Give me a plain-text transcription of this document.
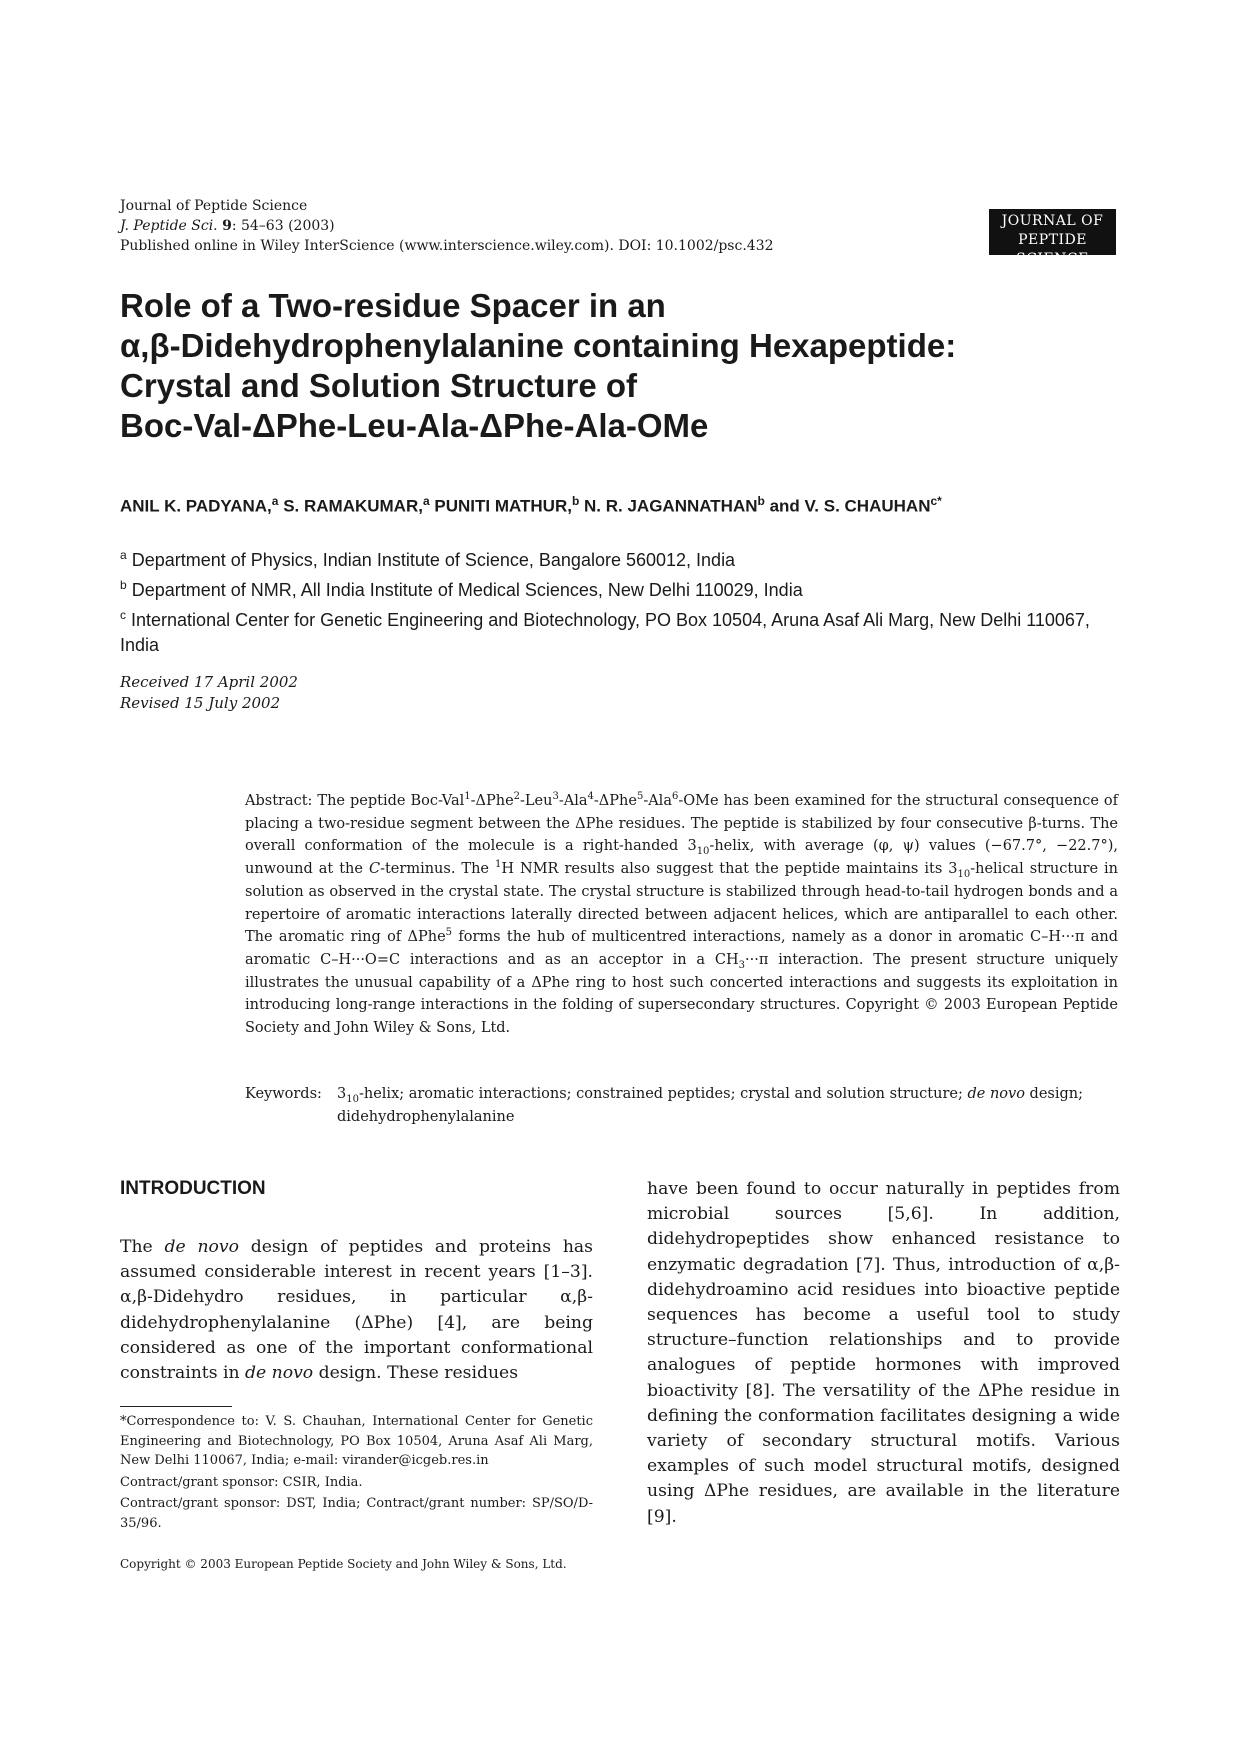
Journal of Peptide Science
J. Peptide Sci. 9: 54–63 (2003)
Published online in Wiley InterScience (www.interscience.wiley.com). DOI: 10.1002/psc.432
JOURNAL OF
PEPTIDE SCIENCE
Role of a Two-residue Spacer in an
α,β-Didehydrophenylalanine containing Hexapeptide:
Crystal and Solution Structure of
Boc-Val-ΔPhe-Leu-Ala-ΔPhe-Ala-OMe
ANIL K. PADYANA,$^a$ S. RAMAKUMAR,$^a$ PUNITI MATHUR,$^b$ N. R. JAGANNATHAN$^b$ and V. S. $CHAUHAN^{c*}$
$^a$ Department of Physics, Indian Institute of Science, Bangalore 560012, India
$^b$ Department of NMR, All India Institute of Medical Sciences, New Delhi 110029, India
$^c$ International Center for Genetic Engineering and Biotechnology, PO Box 10504, Aruna Asaf Ali Marg, New Delhi 110067, India
Received 17 April 2002
Revised 15 July 2002

Abstract: The peptide Boc-Val$^1$-ΔPhe$^2$-Leu$^3$-Ala$^4$-ΔPhe$^5$-Ala$^6$-OMe has been examined for the structural consequence of placing a two-residue segment between the ΔPhe residues. The peptide is stabilized by four consecutive β-turns. The overall conformation of the molecule is a right-handed $3_{10}$-helix, with average (φ, ψ) values (−67.7°, −22.7°), unwound at the C-terminus. The $^1$H NMR results also suggest that the peptide maintains its $3_{10}$-helical structure in solution as observed in the crystal state. The crystal structure is stabilized through head-to-tail hydrogen bonds and a repertoire of aromatic interactions laterally directed between adjacent helices, which are antiparallel to each other. The aromatic ring of ΔPhe$^5$ forms the hub of multicentred interactions, namely as a donor in aromatic C–H···π and aromatic C–H···O=C interactions and as an acceptor in a $CH_3\cdot\cdot\cdot\pi$ interaction. The present structure uniquely illustrates the unusual capability of a ΔPhe ring to host such concerted interactions and suggests its exploitation in introducing long-range interactions in the folding of supersecondary structures. Copyright © 2003 European Peptide Society and John Wiley & Sons, Ltd.

Keywords: $3_{10}$-helix; aromatic interactions; constrained peptides; crystal and solution structure; de novo design; didehydrophenylalanine
INTRODUCTION

The de novo design of peptides and proteins has assumed considerable interest in recent years [1–3]. α,β-Didehydro residues, in particular α,β-didehydrophenylalanine (ΔPhe) [4], are being considered as one of the important conformational constraints in de novo design. These residues

have been found to occur naturally in peptides from microbial sources [5,6]. In addition, didehydropeptides show enhanced resistance to enzymatic degradation [7]. Thus, introduction of α,β-didehydroamino acid residues into bioactive peptide sequences has become a useful tool to study structure–function relationships and to provide analogues of peptide hormones with improved bioactivity [8]. The versatility of the ΔPhe residue in defining the conformation facilitates designing a wide variety of secondary structural motifs. Various examples of such model structural motifs, designed using ΔPhe residues, are available in the literature [9].

*Correspondence to: V. S. Chauhan, International Center for Genetic Engineering and Biotechnology, PO Box 10504, Aruna Asaf Ali Marg, New Delhi 110067, India; e-mail: virander@icgeb.res.in

Contract/grant sponsor: CSIR, India.

Contract/grant sponsor: DST, India; Contract/grant number: SP/SO/D-35/96.

Copyright © 2003 European Peptide Society and John Wiley & Sons, Ltd.
